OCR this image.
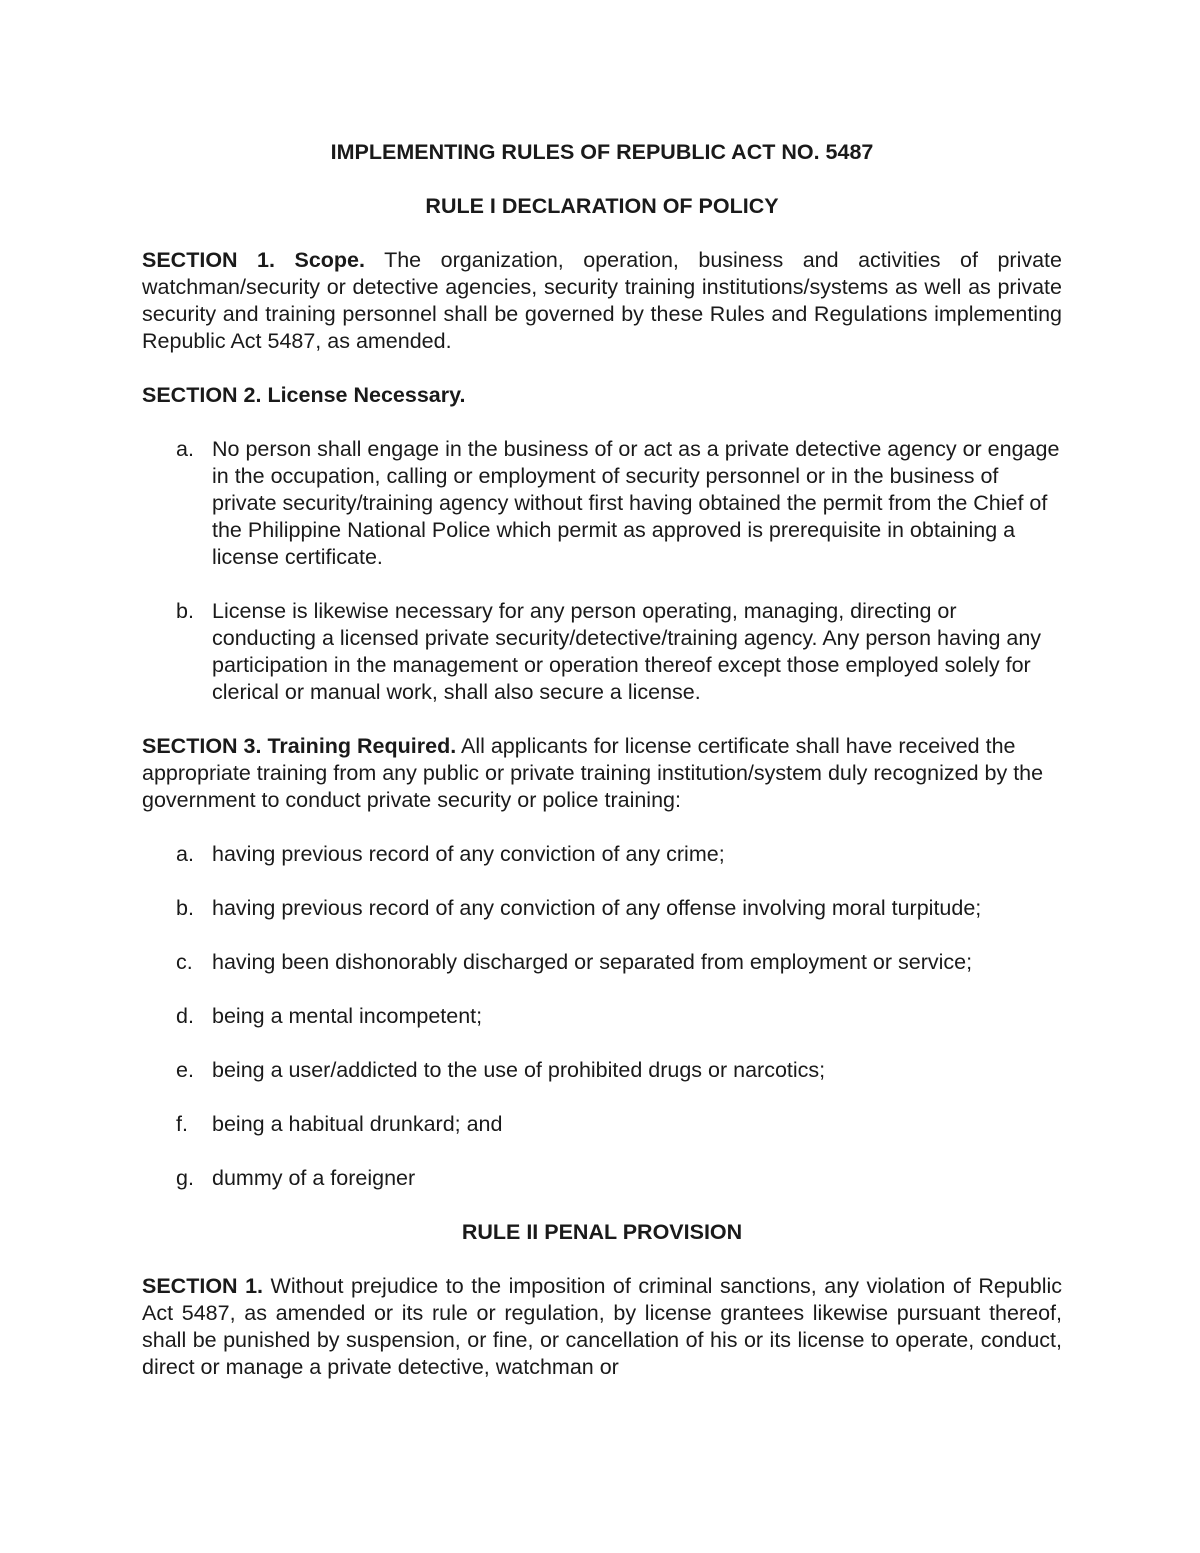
IMPLEMENTING RULES OF REPUBLIC ACT NO. 5487

RULE I DECLARATION OF POLICY

SECTION 1. Scope. The organization, operation, business and activities of private watchman/security or detective agencies, security training institutions/systems as well as private security and training personnel shall be governed by these Rules and Regulations implementing Republic Act 5487, as amended.

SECTION 2. License Necessary.

a. No person shall engage in the business of or act as a private detective agency or engage in the occupation, calling or employment of security personnel or in the business of private security/training agency without first having obtained the permit from the Chief of the Philippine National Police which permit as approved is prerequisite in obtaining a license certificate.
b. License is likewise necessary for any person operating, managing, directing or conducting a licensed private security/detective/training agency. Any person having any participation in the management or operation thereof except those employed solely for clerical or manual work, shall also secure a license.

SECTION 3. Training Required. All applicants for license certificate shall have received the appropriate training from any public or private training institution/system duly recognized by the government to conduct private security or police training:

a. having previous record of any conviction of any crime;
b. having previous record of any conviction of any offense involving moral turpitude;
c. having been dishonorably discharged or separated from employment or service;
d. being a mental incompetent;
e. being a user/addicted to the use of prohibited drugs or narcotics;
f. being a habitual drunkard; and
g. dummy of a foreigner

RULE II PENAL PROVISION

SECTION 1. Without prejudice to the imposition of criminal sanctions, any violation of Republic Act 5487, as amended or its rule or regulation, by license grantees likewise pursuant thereof, shall be punished by suspension, or fine, or cancellation of his or its license to operate, conduct, direct or manage a private detective, watchman or
